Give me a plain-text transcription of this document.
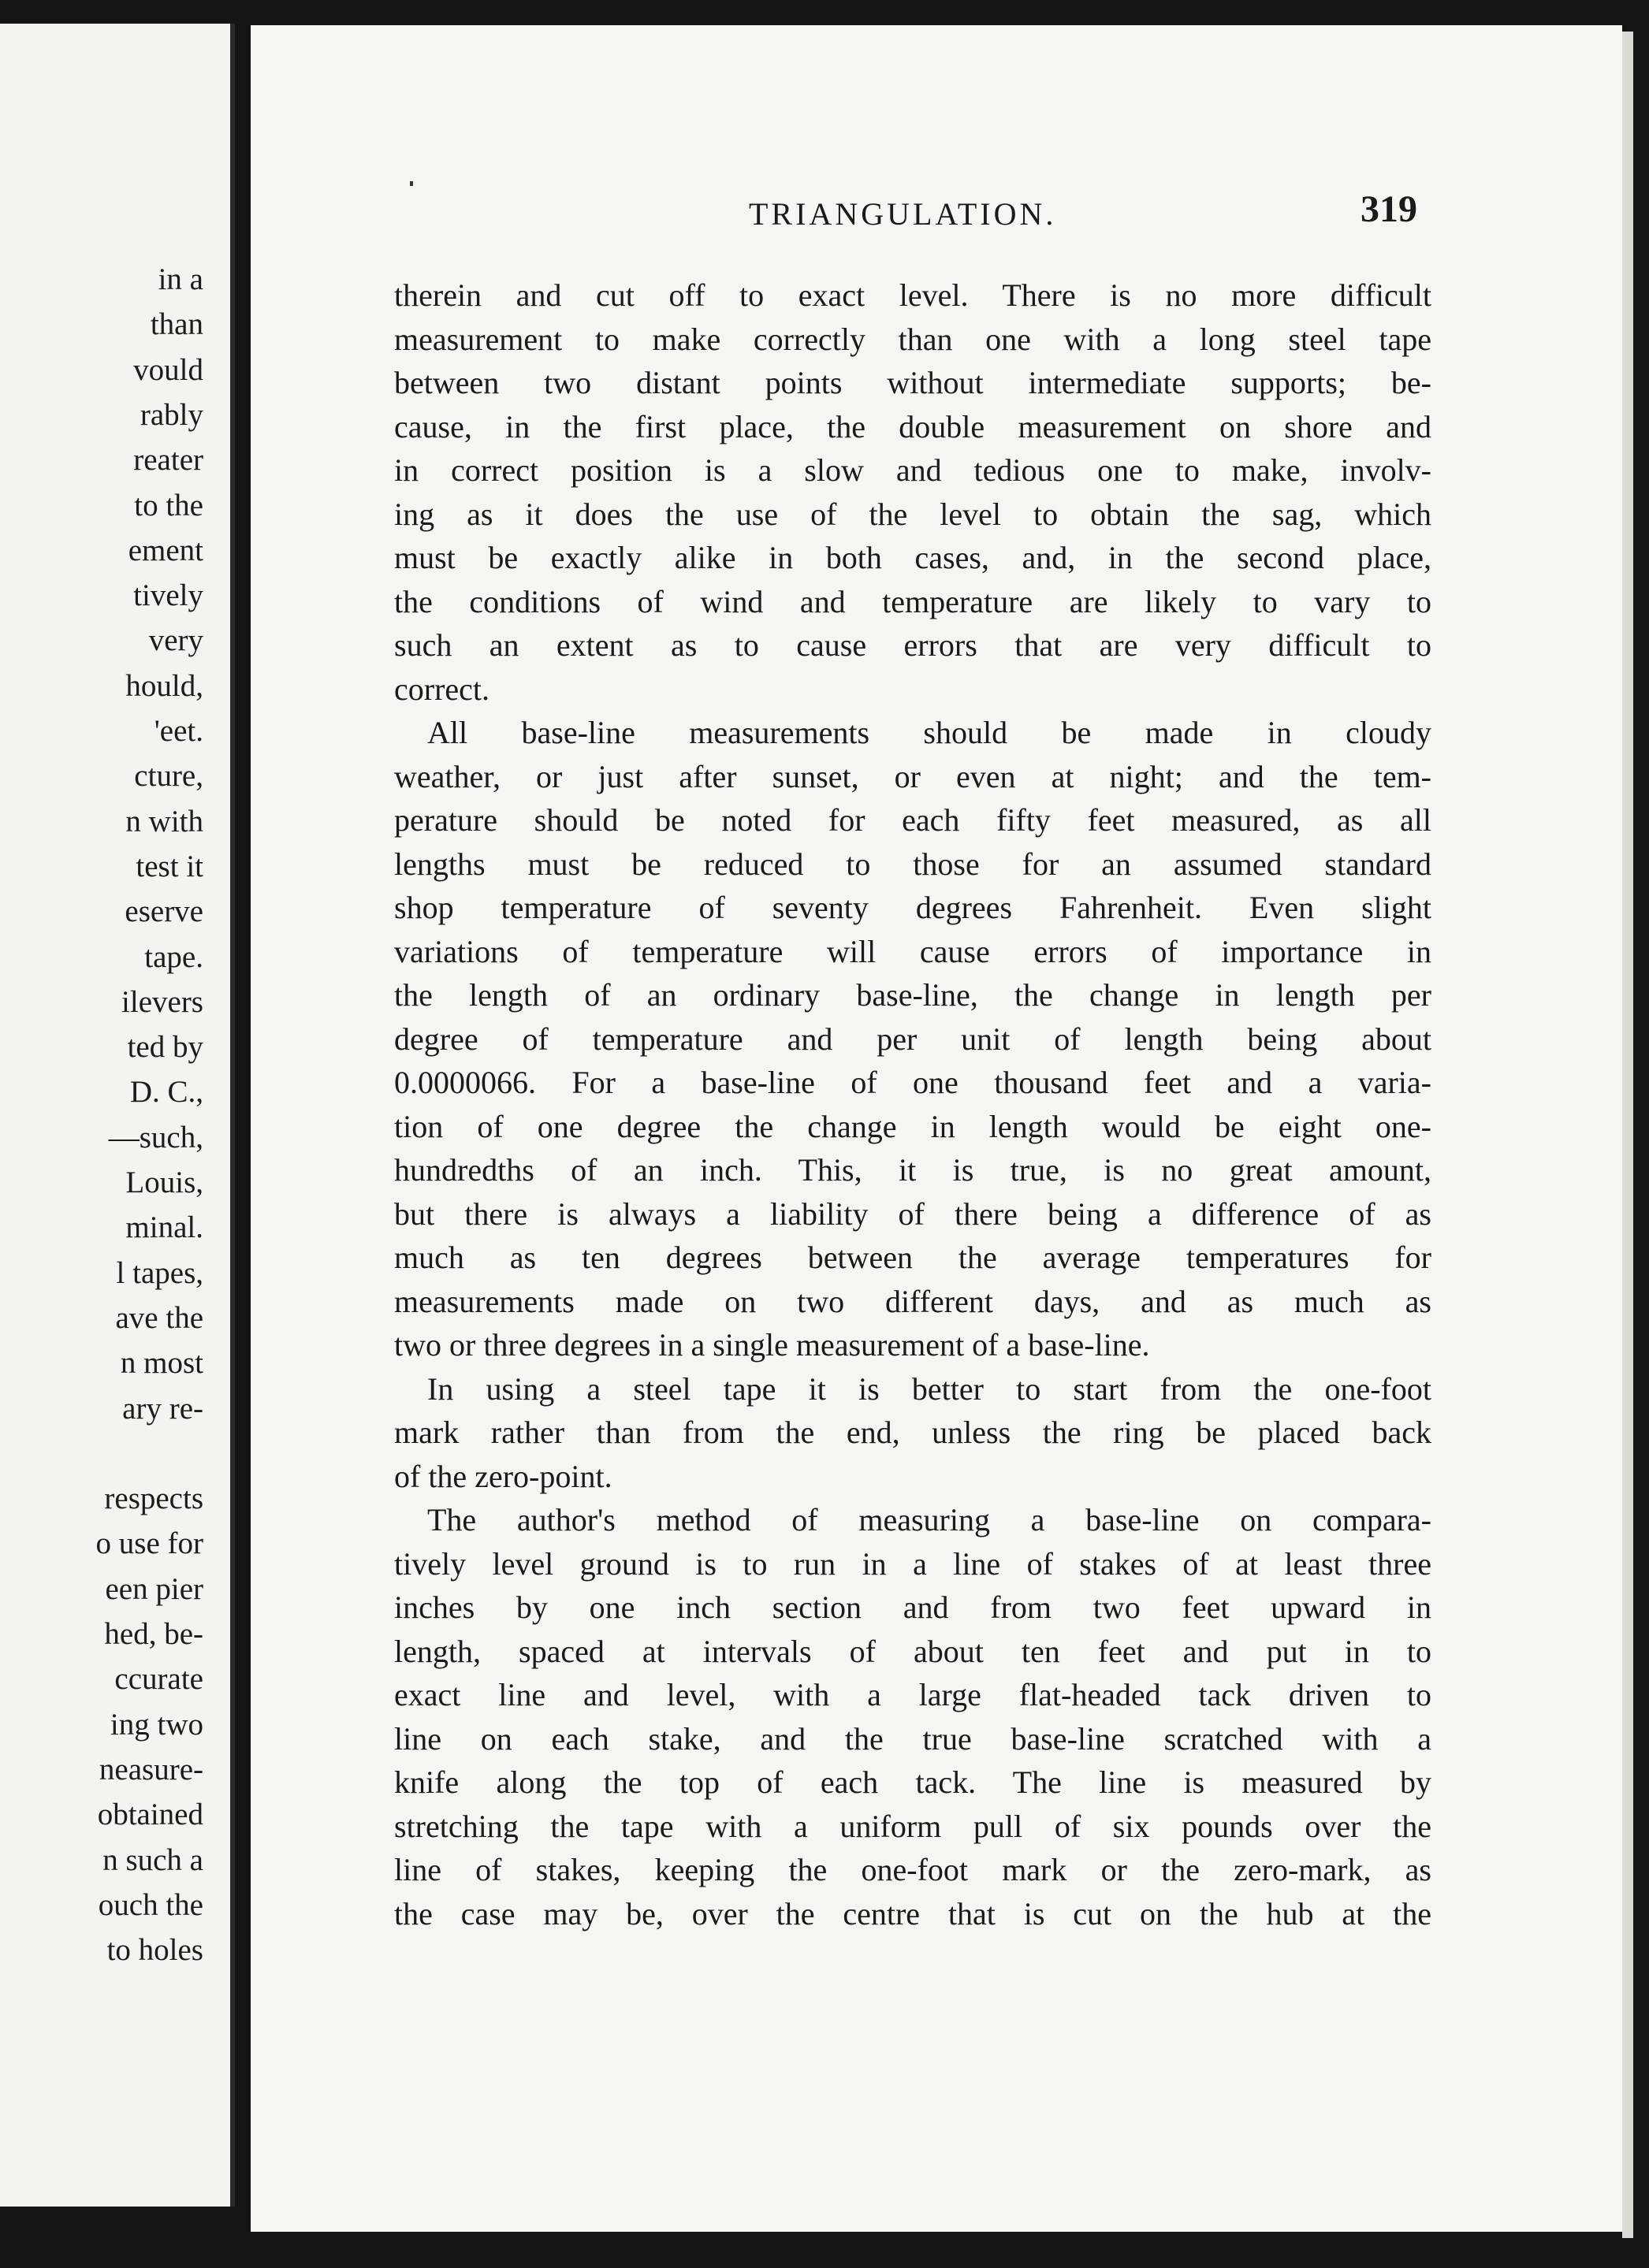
in a
than
vould
rably
reater
to the
ement
tively
very
hould,
'eet.
cture,
n with
test it
eserve
tape.
ilevers
ted by
D. C.,
—such,
Louis,
minal.
l tapes,
ave the
n most
ary re-
respects
o use for
een pier
hed, be-
ccurate
ing two
neasure-
obtained
n such a
ouch the
to holes
TRIANGULATION.	319
therein and cut off to exact level. There is no more difficult
measurement to make correctly than one with a long steel tape
between two distant points without intermediate supports; be-
cause, in the first place, the double measurement on shore and
in correct position is a slow and tedious one to make, involv-
ing as it does the use of the level to obtain the sag, which
must be exactly alike in both cases, and, in the second place,
the conditions of wind and temperature are likely to vary to
such an extent as to cause errors that are very difficult to
correct.
All base-line measurements should be made in cloudy
weather, or just after sunset, or even at night; and the tem-
perature should be noted for each fifty feet measured, as all
lengths must be reduced to those for an assumed standard
shop temperature of seventy degrees Fahrenheit. Even slight
variations of temperature will cause errors of importance in
the length of an ordinary base-line, the change in length per
degree of temperature and per unit of length being about
0.0000066. For a base-line of one thousand feet and a varia-
tion of one degree the change in length would be eight one-
hundredths of an inch. This, it is true, is no great amount,
but there is always a liability of there being a difference of as
much as ten degrees between the average temperatures for
measurements made on two different days, and as much as
two or three degrees in a single measurement of a base-line.
In using a steel tape it is better to start from the one-foot
mark rather than from the end, unless the ring be placed back
of the zero-point.
The author's method of measuring a base-line on compara-
tively level ground is to run in a line of stakes of at least three
inches by one inch section and from two feet upward in
length, spaced at intervals of about ten feet and put in to
exact line and level, with a large flat-headed tack driven to
line on each stake, and the true base-line scratched with a
knife along the top of each tack. The line is measured by
stretching the tape with a uniform pull of six pounds over the
line of stakes, keeping the one-foot mark or the zero-mark, as
the case may be, over the centre that is cut on the hub at the
